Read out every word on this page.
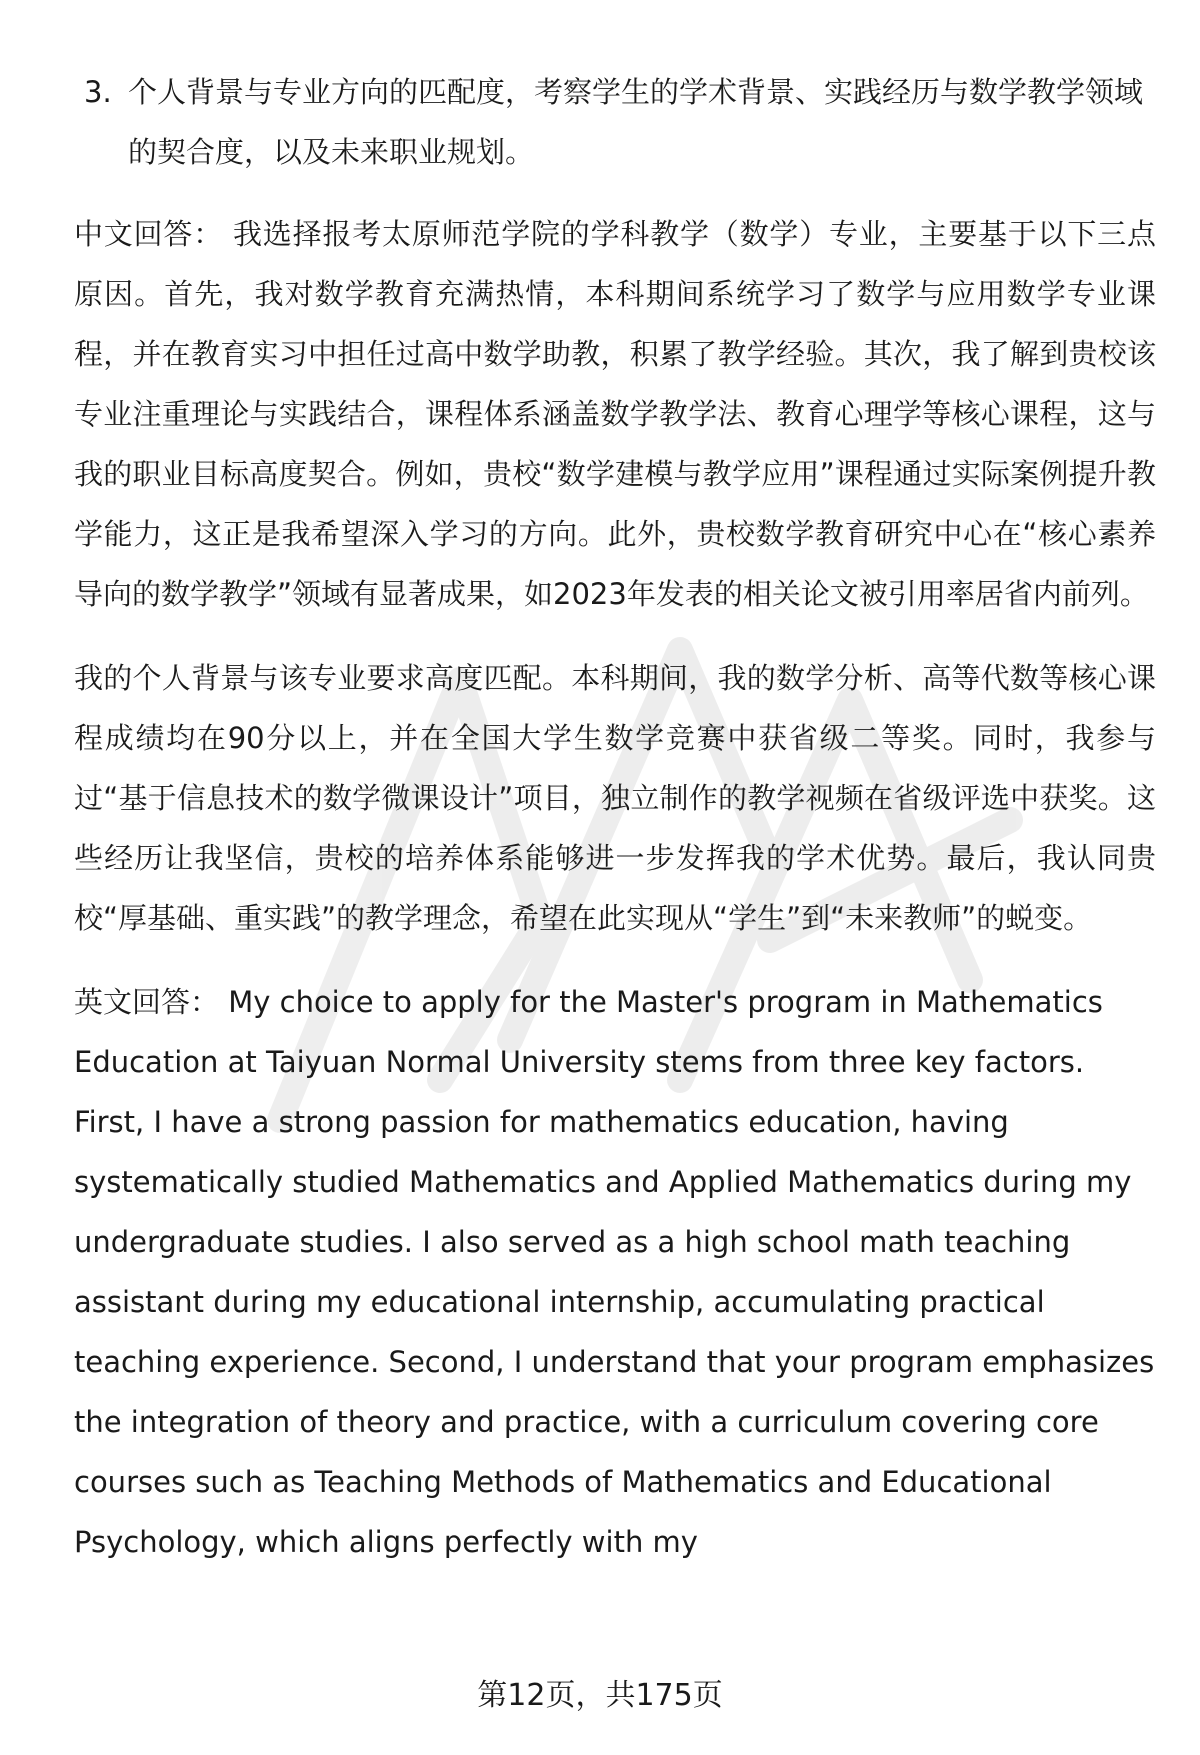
3. 个人背景与专业方向的匹配度，考察学生的学术背景、实践经历与数学教学领域的契合度，以及未来职业规划。

中文回答： 我选择报考太原师范学院的学科教学（数学）专业，主要基于以下三点原因。首先，我对数学教育充满热情，本科期间系统学习了数学与应用数学专业课程，并在教育实习中担任过高中数学助教，积累了教学经验。其次，我了解到贵校该专业注重理论与实践结合，课程体系涵盖数学教学法、教育心理学等核心课程，这与我的职业目标高度契合。例如，贵校“数学建模与教学应用”课程通过实际案例提升教学能力，这正是我希望深入学习的方向。此外，贵校数学教育研究中心在“核心素养导向的数学教学”领域有显著成果，如2023年发表的相关论文被引用率居省内前列。

我的个人背景与该专业要求高度匹配。本科期间，我的数学分析、高等代数等核心课程成绩均在90分以上，并在全国大学生数学竞赛中获省级二等奖。同时，我参与过“基于信息技术的数学微课设计”项目，独立制作的教学视频在省级评选中获奖。这些经历让我坚信，贵校的培养体系能够进一步发挥我的学术优势。最后，我认同贵校“厚基础、重实践”的教学理念，希望在此实现从“学生”到“未来教师”的蜕变。

英文回答： My choice to apply for the Master's program in Mathematics Education at Taiyuan Normal University stems from three key factors. First, I have a strong passion for mathematics education, having systematically studied Mathematics and Applied Mathematics during my undergraduate studies. I also served as a high school math teaching assistant during my educational internship, accumulating practical teaching experience. Second, I understand that your program emphasizes the integration of theory and practice, with a curriculum covering core courses such as Teaching Methods of Mathematics and Educational Psychology, which aligns perfectly with my

第12页，共175页
